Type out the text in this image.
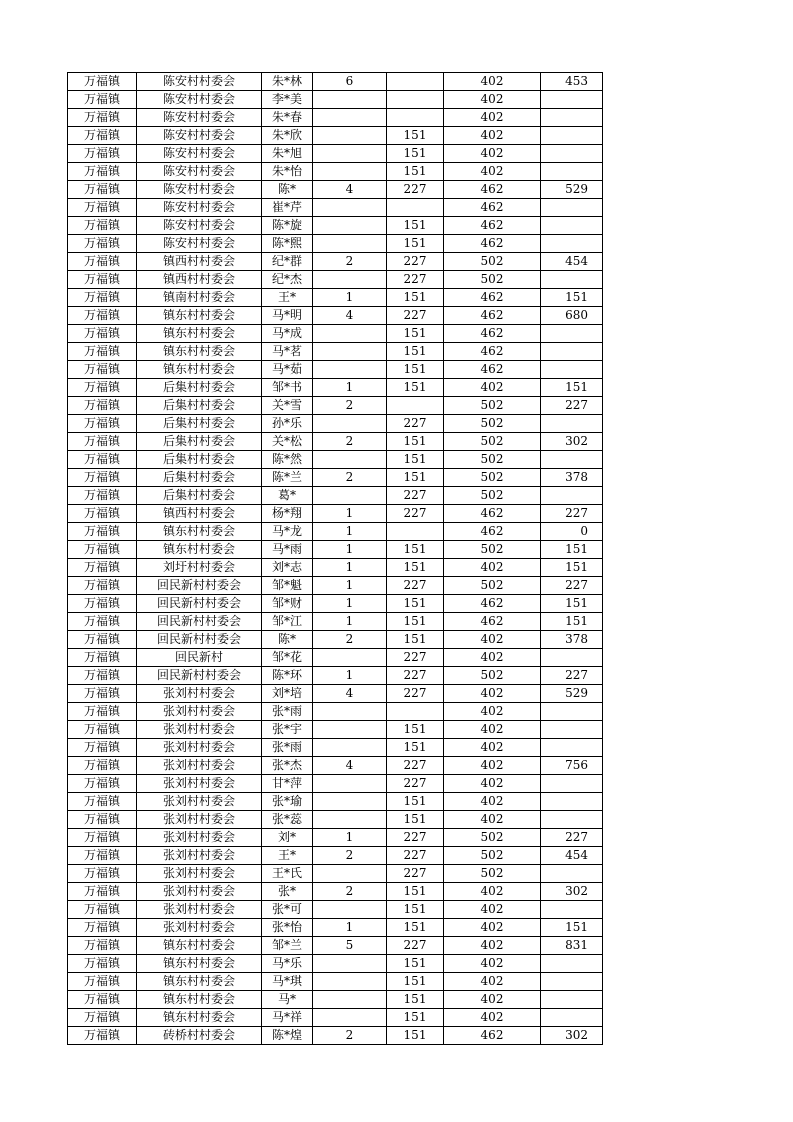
万福镇	陈安村村委会	朱*林	6		402	453
万福镇	陈安村村委会	李*美			402	
万福镇	陈安村村委会	朱*春			402	
万福镇	陈安村村委会	朱*欣		151	402	
万福镇	陈安村村委会	朱*旭		151	402	
万福镇	陈安村村委会	朱*怡		151	402	
万福镇	陈安村村委会	陈*	4	227	462	529
万福镇	陈安村村委会	崔*芹			462	
万福镇	陈安村村委会	陈*旋		151	462	
万福镇	陈安村村委会	陈*熙		151	462	
万福镇	镇西村村委会	纪*群	2	227	502	454
万福镇	镇西村村委会	纪*杰		227	502	
万福镇	镇南村村委会	王*	1	151	462	151
万福镇	镇东村村委会	马*明	4	227	462	680
万福镇	镇东村村委会	马*成		151	462	
万福镇	镇东村村委会	马*茗		151	462	
万福镇	镇东村村委会	马*茹		151	462	
万福镇	后集村村委会	邹*书	1	151	402	151
万福镇	后集村村委会	关*雪	2		502	227
万福镇	后集村村委会	孙*乐		227	502	
万福镇	后集村村委会	关*松	2	151	502	302
万福镇	后集村村委会	陈*然		151	502	
万福镇	后集村村委会	陈*兰	2	151	502	378
万福镇	后集村村委会	葛*		227	502	
万福镇	镇西村村委会	杨*翔	1	227	462	227
万福镇	镇东村村委会	马*龙	1		462	0
万福镇	镇东村村委会	马*雨	1	151	502	151
万福镇	刘圩村村委会	刘*志	1	151	402	151
万福镇	回民新村村委会	邹*魁	1	227	502	227
万福镇	回民新村村委会	邹*财	1	151	462	151
万福镇	回民新村村委会	邹*江	1	151	462	151
万福镇	回民新村村委会	陈*	2	151	402	378
万福镇	回民新村	邹*花		227	402	
万福镇	回民新村村委会	陈*环	1	227	502	227
万福镇	张刘村村委会	刘*培	4	227	402	529
万福镇	张刘村村委会	张*雨			402	
万福镇	张刘村村委会	张*宇		151	402	
万福镇	张刘村村委会	张*雨		151	402	
万福镇	张刘村村委会	张*杰	4	227	402	756
万福镇	张刘村村委会	甘*萍		227	402	
万福镇	张刘村村委会	张*瑜		151	402	
万福镇	张刘村村委会	张*蕊		151	402	
万福镇	张刘村村委会	刘*	1	227	502	227
万福镇	张刘村村委会	王*	2	227	502	454
万福镇	张刘村村委会	王*氏		227	502	
万福镇	张刘村村委会	张*	2	151	402	302
万福镇	张刘村村委会	张*可		151	402	
万福镇	张刘村村委会	张*怡	1	151	402	151
万福镇	镇东村村委会	邹*兰	5	227	402	831
万福镇	镇东村村委会	马*乐		151	402	
万福镇	镇东村村委会	马*琪		151	402	
万福镇	镇东村村委会	马*		151	402	
万福镇	镇东村村委会	马*祥		151	402	
万福镇	砖桥村村委会	陈*煌	2	151	462	302
